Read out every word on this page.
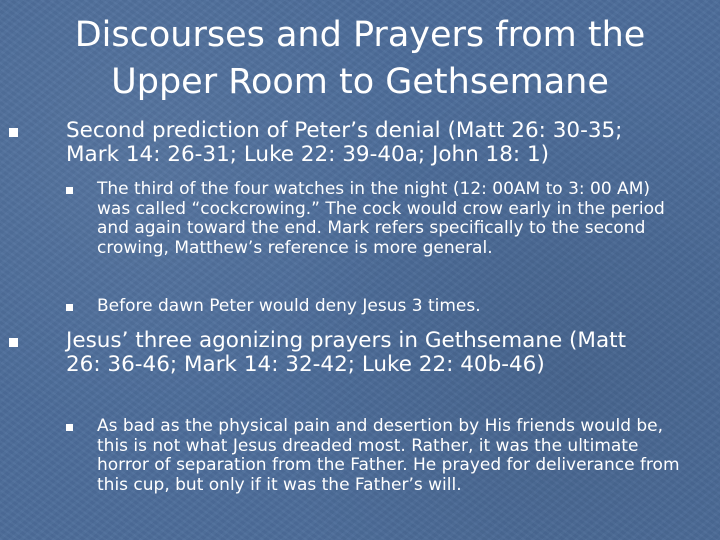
Discourses and Prayers from the
Upper Room to Gethsemane
Second prediction of Peter’s denial (Matt 26: 30-35; Mark 14: 26-31; Luke 22: 39-40a; John 18: 1)
The third of the four watches in the night (12: 00AM to 3: 00 AM) was called “cockcrowing.” The cock would crow early in the period and again toward the end. Mark refers specifically to the second crowing, Matthew’s reference is more general.
Before dawn Peter would deny Jesus 3 times.
Jesus’ three agonizing prayers in Gethsemane (Matt 26: 36-46; Mark 14: 32-42; Luke 22: 40b-46)
As bad as the physical pain and desertion by His friends would be, this is not what Jesus dreaded most. Rather, it was the ultimate horror of separation from the Father. He prayed for deliverance from this cup, but only if it was the Father’s will.
